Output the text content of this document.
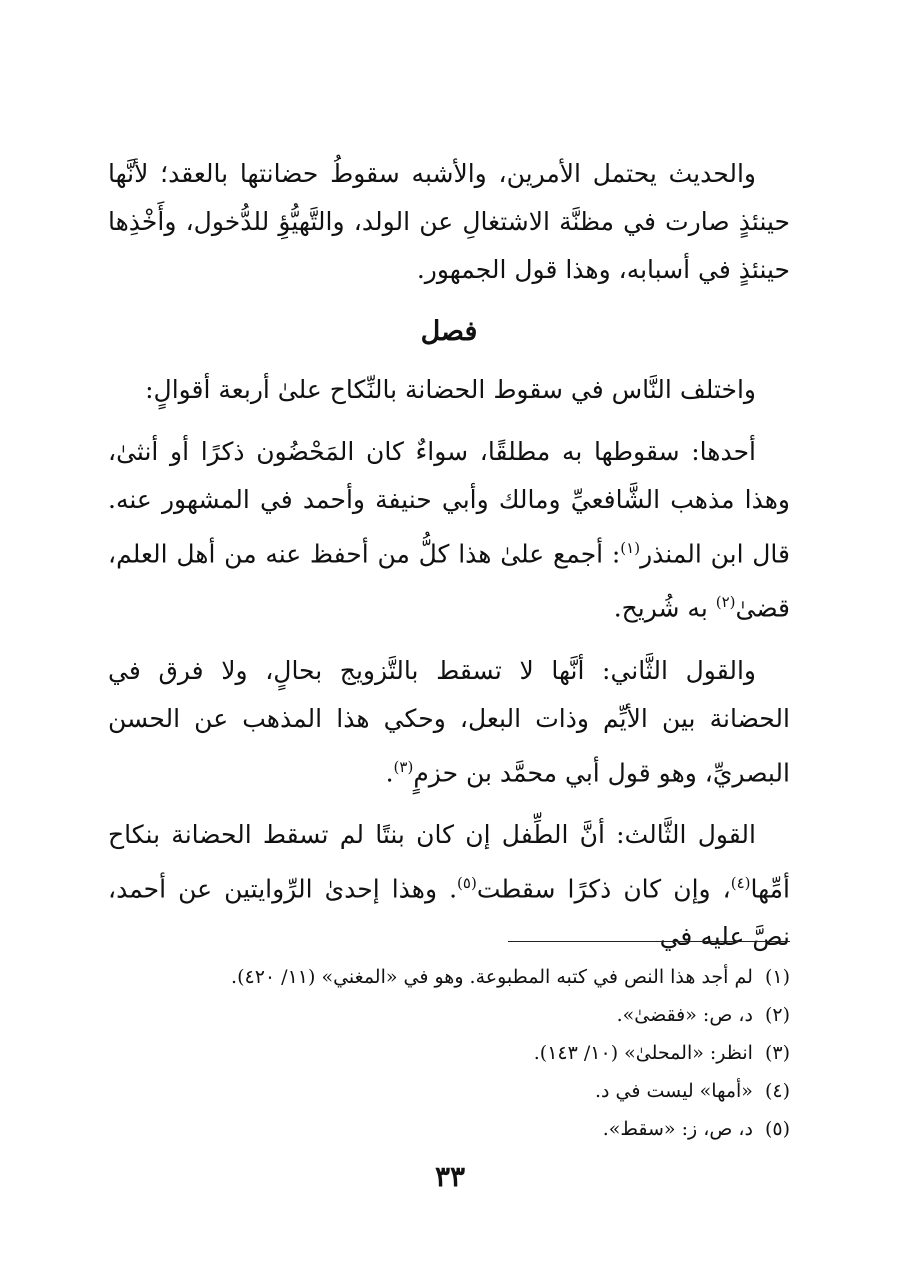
والحديث يحتمل الأمرين، والأشبه سقوطُ حضانتها بالعقد؛ لأنَّها حينئذٍ صارت في مظنَّة الاشتغالِ عن الولد، والتَّهيُّؤِ للدُّخول، وأَخْذِها حينئذٍ في أسبابه، وهذا قول الجمهور.

فصل

واختلف النَّاس في سقوط الحضانة بالنِّكاح علىٰ أربعة أقوالٍ:

أحدها: سقوطها به مطلقًا، سواءٌ كان المَحْضُون ذكرًا أو أنثىٰ، وهذا مذهب الشَّافعيِّ ومالك وأبي حنيفة وأحمد في المشهور عنه. قال ابن المنذر$^{(١)}$: أجمع علىٰ هذا كلُّ من أحفظ عنه من أهل العلم، قضىٰ$^{(٢)}$ به شُريح.

والقول الثَّاني: أنَّها لا تسقط بالتَّزويج بحالٍ، ولا فرق في الحضانة بين الأيِّم وذات البعل، وحكي هذا المذهب عن الحسن البصريِّ، وهو قول أبي محمَّد بن حزمٍ$^{(٣)}$.

القول الثَّالث: أنَّ الطِّفل إن كان بنتًا لم تسقط الحضانة بنكاح أمِّها$^{(٤)}$، وإن كان ذكرًا سقطت$^{(٥)}$. وهذا إحدىٰ الرِّوايتين عن أحمد، نصَّ عليه في

(١)لم أجد هذا النص في كتبه المطبوعة. وهو في «المغني» (١١/ ٤٢٠).
(٢)د، ص: «فقضىٰ».
(٣)انظر: «المحلىٰ» (١٠/ ١٤٣).
(٤)«أمها» ليست في د.
(٥)د، ص، ز: «سقط».
٣٣
